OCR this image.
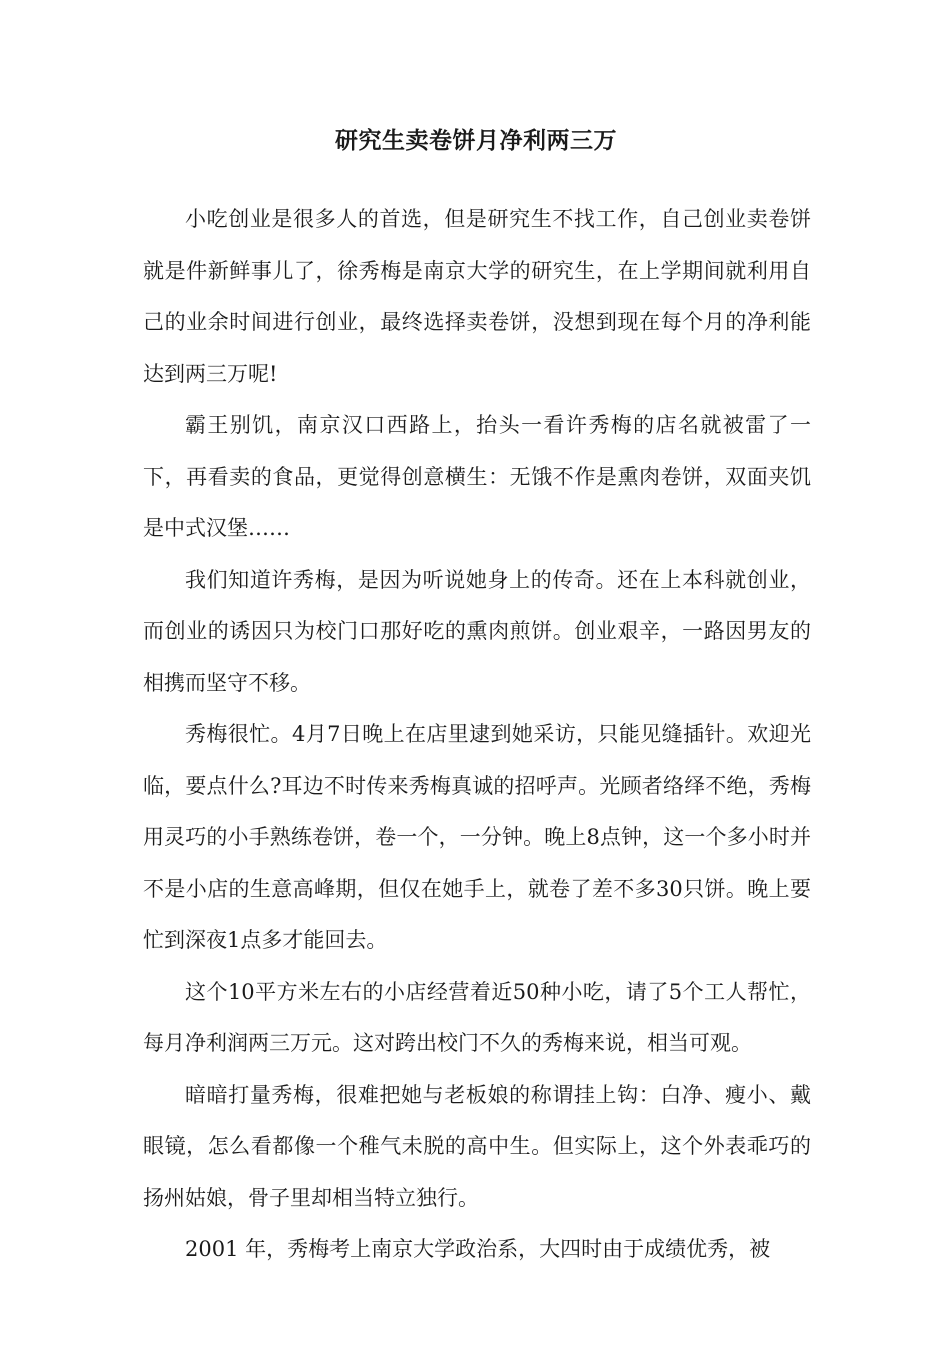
研究生卖卷饼月净利两三万

小吃创业是很多人的首选，但是研究生不找工作，自己创业卖卷饼就是件新鲜事儿了，徐秀梅是南京大学的研究生，在上学期间就利用自己的业余时间进行创业，最终选择卖卷饼，没想到现在每个月的净利能达到两三万呢!

霸王别饥，南京汉口西路上，抬头一看许秀梅的店名就被雷了一下，再看卖的食品，更觉得创意横生：无饿不作是熏肉卷饼，双面夹饥是中式汉堡……

我们知道许秀梅，是因为听说她身上的传奇。还在上本科就创业，而创业的诱因只为校门口那好吃的熏肉煎饼。创业艰辛，一路因男友的相携而坚守不移。

秀梅很忙。4月7日晚上在店里逮到她采访，只能见缝插针。欢迎光临，要点什么?耳边不时传来秀梅真诚的招呼声。光顾者络绎不绝，秀梅用灵巧的小手熟练卷饼，卷一个，一分钟。晚上8点钟，这一个多小时并不是小店的生意高峰期，但仅在她手上，就卷了差不多30只饼。晚上要忙到深夜1点多才能回去。

这个10平方米左右的小店经营着近50种小吃，请了5个工人帮忙，每月净利润两三万元。这对跨出校门不久的秀梅来说，相当可观。

暗暗打量秀梅，很难把她与老板娘的称谓挂上钩：白净、瘦小、戴眼镜，怎么看都像一个稚气未脱的高中生。但实际上，这个外表乖巧的扬州姑娘，骨子里却相当特立独行。

2001 年，秀梅考上南京大学政治系，大四时由于成绩优秀，被
